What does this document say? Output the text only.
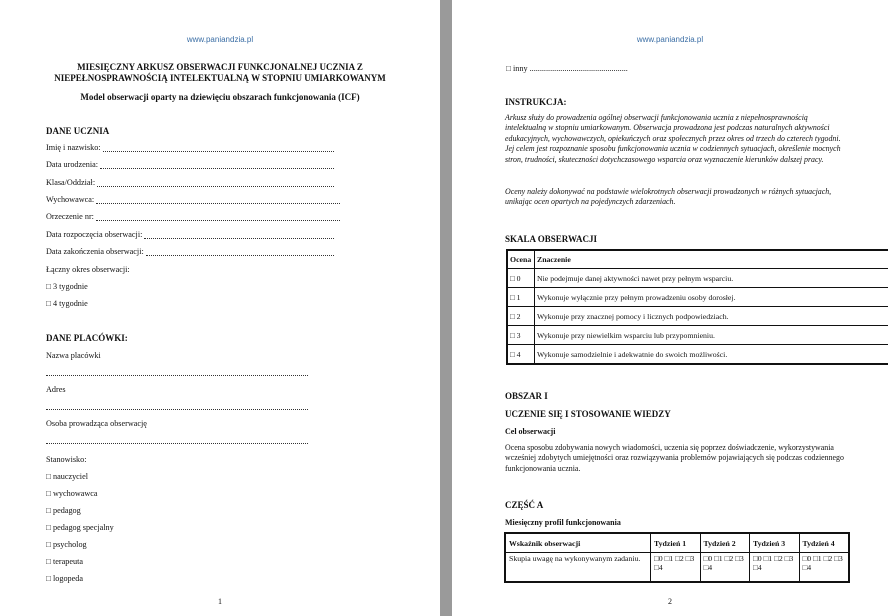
www.paniandzia.pl
MIESIĘCZNY ARKUSZ OBSERWACJI FUNKCJONALNEJ UCZNIA Z
NIEPEŁNOSPRAWNOŚCIĄ INTELEKTUALNĄ W STOPNIU UMIARKOWANYM
Model obserwacji oparty na dziewięciu obszarach funkcjonowania (ICF)
DANE UCZNIA
Imię i nazwisko:
Data urodzenia:
Klasa/Oddział:
Wychowawca:
Orzeczenie nr:
Data rozpoczęcia obserwacji:
Data zakończenia obserwacji:
Łączny okres obserwacji:
□ 3 tygodnie
□ 4 tygodnie
DANE PLACÓWKI:
Nazwa placówki
Adres
Osoba prowadząca obserwację
Stanowisko:
□ nauczyciel
□ wychowawca
□ pedagog
□ pedagog specjalny
□ psycholog
□ terapeuta
□ logopeda
1
www.paniandzia.pl
□ inny ................................................
INSTRUKCJA:
Arkusz służy do prowadzenia ogólnej obserwacji funkcjonowania ucznia z niepełnosprawnością intelektualną w stopniu umiarkowanym. Obserwacja prowadzona jest podczas naturalnych aktywności edukacyjnych, wychowawczych, opiekuńczych oraz społecznych przez okres od trzech do czterech tygodni. Jej celem jest rozpoznanie sposobu funkcjonowania ucznia w codziennych sytuacjach, określenie mocnych stron, trudności, skuteczności dotychczasowego wsparcia oraz wyznaczenie kierunków dalszej pracy.
Oceny należy dokonywać na podstawie wielokrotnych obserwacji prowadzonych w różnych sytuacjach, unikając ocen opartych na pojedynczych zdarzeniach.
SKALA OBSERWACJI
Ocena	Znaczenie
□ 0	Nie podejmuje danej aktywności nawet przy pełnym wsparciu.
□ 1	Wykonuje wyłącznie przy pełnym prowadzeniu osoby dorosłej.
□ 2	Wykonuje przy znacznej pomocy i licznych podpowiedziach.
□ 3	Wykonuje przy niewielkim wsparciu lub przypomnieniu.
□ 4	Wykonuje samodzielnie i adekwatnie do swoich możliwości.
OBSZAR I
UCZENIE SIĘ I STOSOWANIE WIEDZY
Cel obserwacji
Ocena sposobu zdobywania nowych wiadomości, uczenia się poprzez doświadczenie, wykorzystywania wcześniej zdobytych umiejętności oraz rozwiązywania problemów pojawiających się podczas codziennego funkcjonowania ucznia.
CZĘŚĆ A
Miesięczny profil funkcjonowania
Wskaźnik obserwacji	Tydzień 1	Tydzień 2	Tydzień 3	Tydzień 4
Skupia uwagę na wykonywanym zadaniu.	□0 □1 □2 □3 □4	□0 □1 □2 □3 □4	□0 □1 □2 □3 □4	□0 □1 □2 □3 □4
2
